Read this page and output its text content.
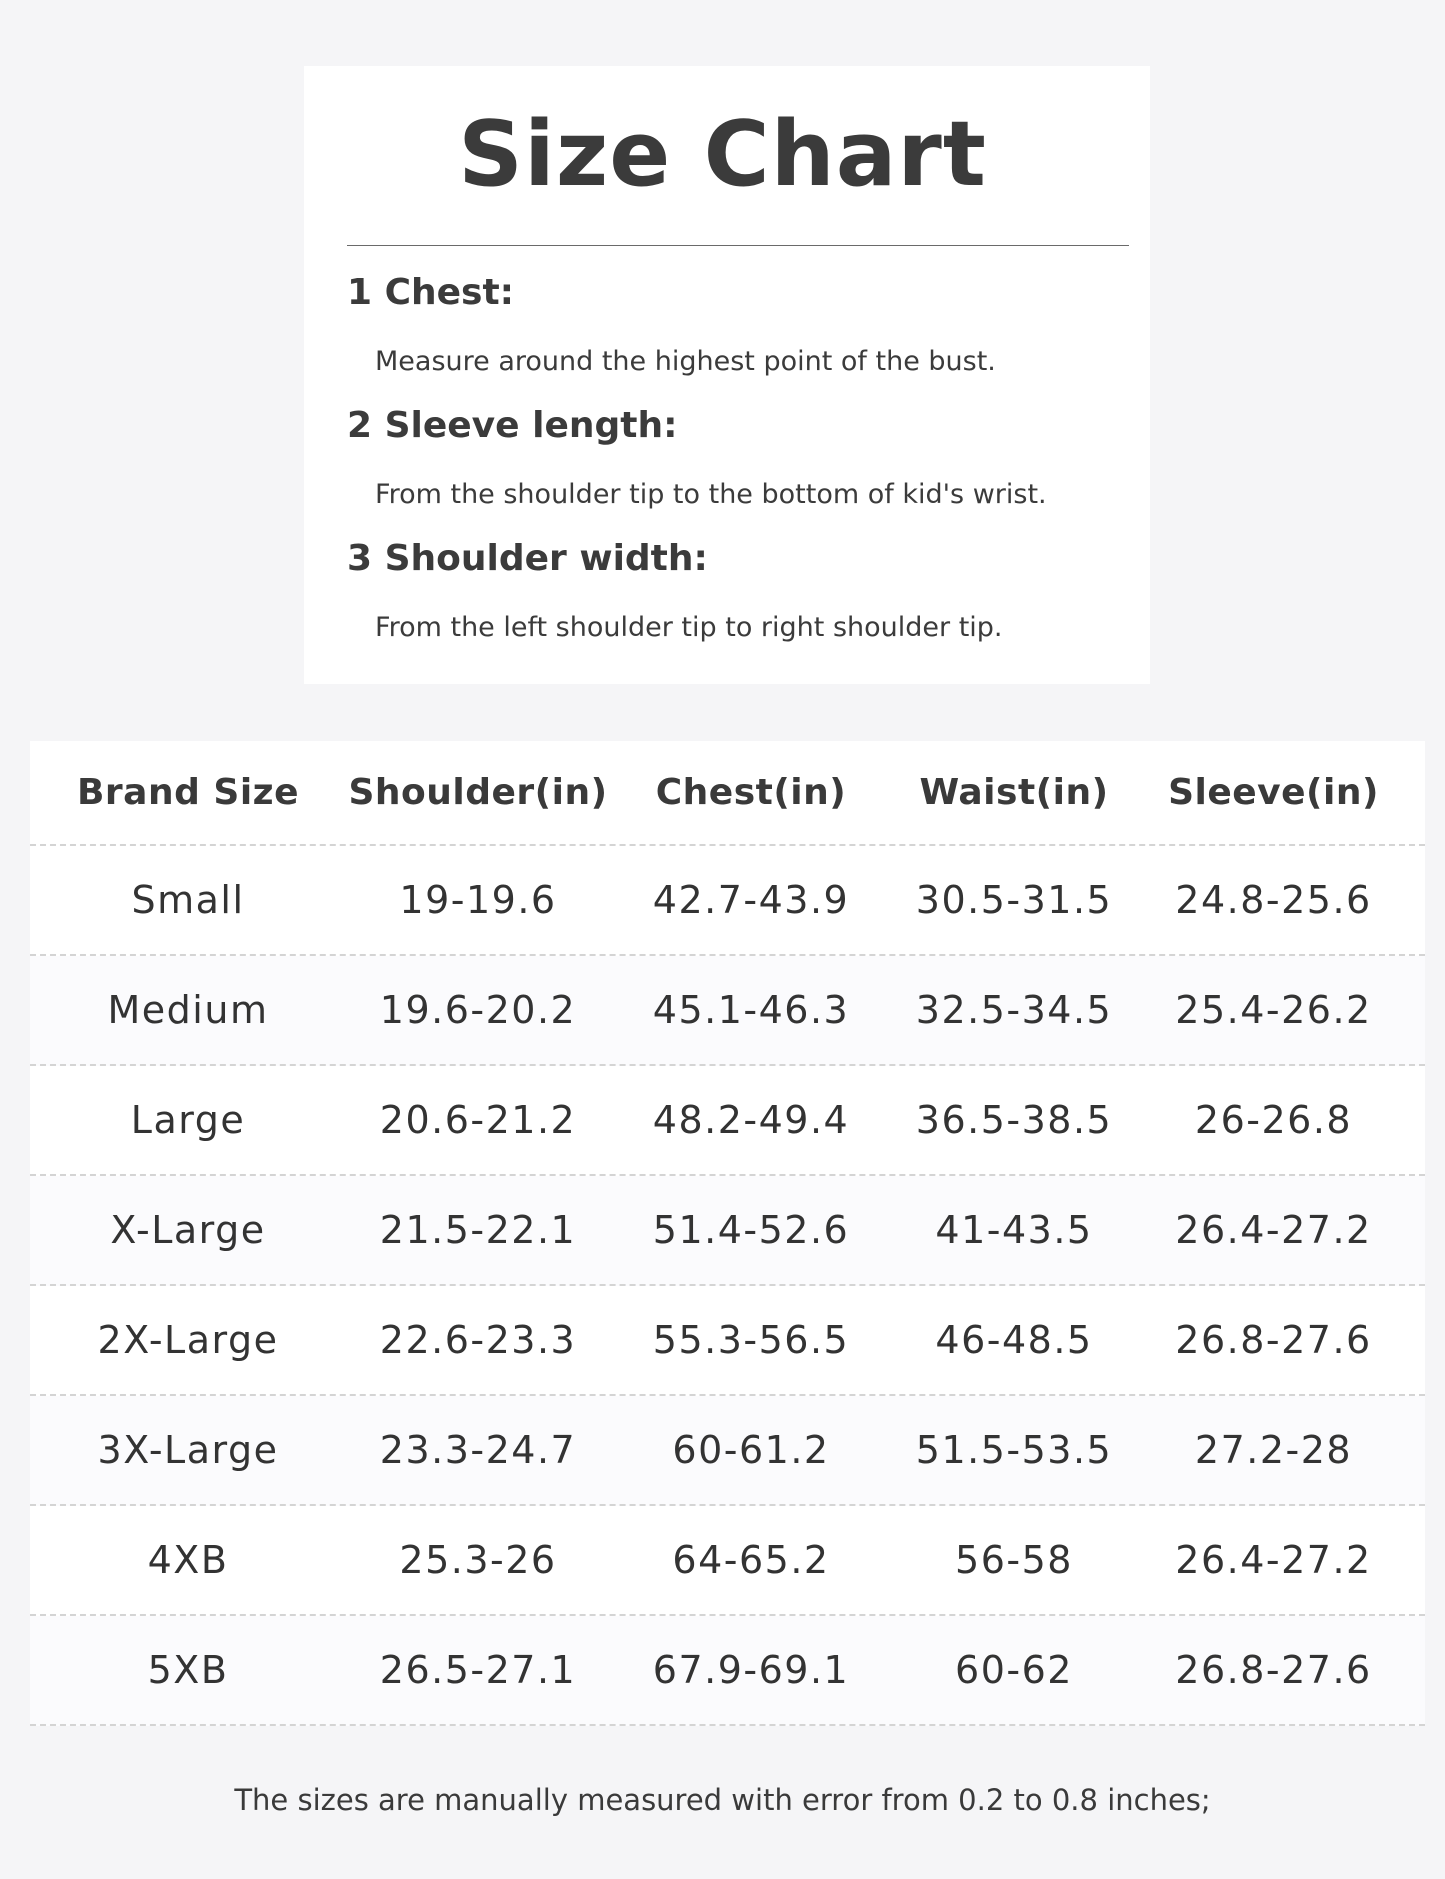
Size Chart
1 Chest:
Measure around the highest point of the bust.
2 Sleeve length:
From the shoulder tip to the bottom of kid's wrist.
3 Shoulder width:
From the left shoulder tip to right shoulder tip.
Brand Size	Shoulder(in)	Chest(in)	Waist(in)	Sleeve(in)
Small	19-19.6	42.7-43.9	30.5-31.5	24.8-25.6
Medium	19.6-20.2	45.1-46.3	32.5-34.5	25.4-26.2
Large	20.6-21.2	48.2-49.4	36.5-38.5	26-26.8
X-Large	21.5-22.1	51.4-52.6	41-43.5	26.4-27.2
2X-Large	22.6-23.3	55.3-56.5	46-48.5	26.8-27.6
3X-Large	23.3-24.7	60-61.2	51.5-53.5	27.2-28
4XB	25.3-26	64-65.2	56-58	26.4-27.2
5XB	26.5-27.1	67.9-69.1	60-62	26.8-27.6
The sizes are manually measured with error from 0.2 to 0.8 inches;
